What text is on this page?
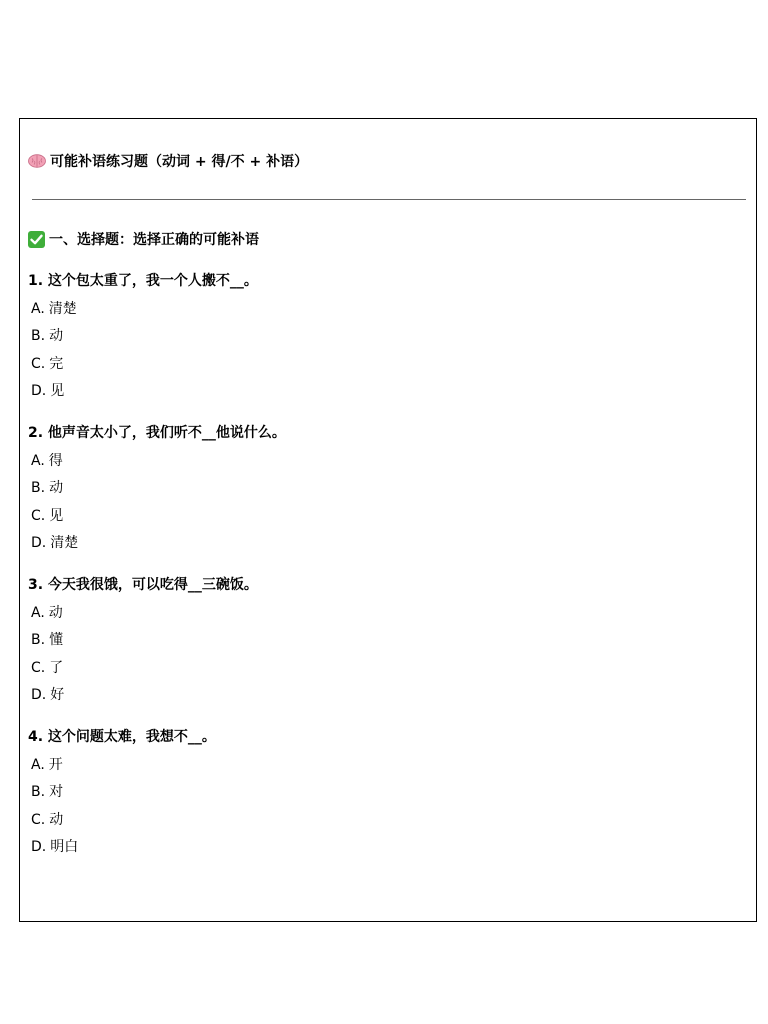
可能补语练习题（动词 + 得/不 + 补语）
一、选择题：选择正确的可能补语
1. 这个包太重了，我一个人搬不__。
A. 清楚
B. 动
C. 完
D. 见
2. 他声音太小了，我们听不__他说什么。
A. 得
B. 动
C. 见
D. 清楚
3. 今天我很饿，可以吃得__三碗饭。
A. 动
B. 懂
C. 了
D. 好
4. 这个问题太难，我想不__。
A. 开
B. 对
C. 动
D. 明白
